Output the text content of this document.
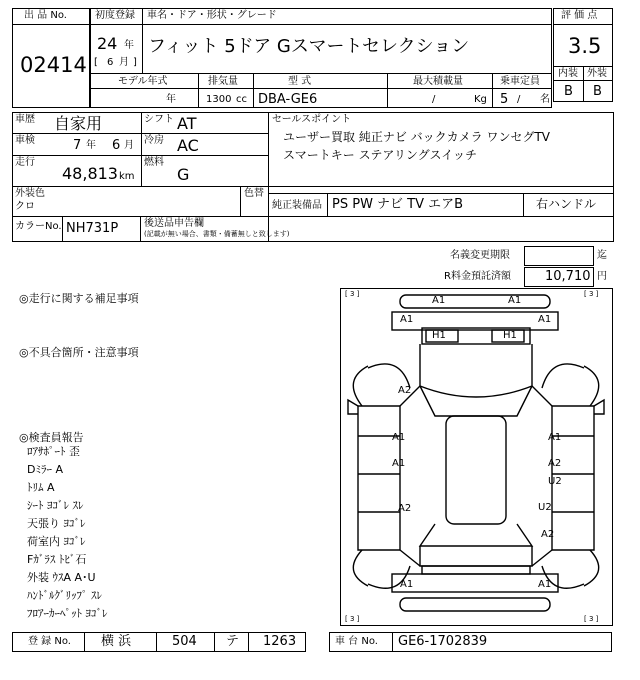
出 品 No.
02414
初度登録 車名・ドア・形状・グレード
24 年
[ 6 月 ]
フィット 5ドア Gスマートセレクション
モデル年式	排気量	型 式	最大積載量	乗車定員
年	1300 cc DBA-GE6	/	Kg 5 / 名
評 価 点
3.5
内装 外装
B B
車歴 自家用	シフト AT
車検	7 年 6 月 冷房 AC
走行
48,813 km
燃料
G
セールスポイント
ユーザー買取 純正ナビ バックカメラ ワンセグTV
スマートキー ステアリングスイッチ
外装色
クロ
色替
純正装備品 PS PW ナビ TV エアB	右ハンドル
カラーNo. NH731P	後送品申告欄
(記載が無い場合、書類・備蓄無しと致します)
名義変更期限	迄
R料金預託済額	10,710 円
◎走行に関する補足事項
◎不具合箇所・注意事項
◎検査員報告
ﾛｱｻﾎﾟｰﾄ 歪
Dﾐﾗｰ A
ﾄﾘﾑ A
ｼｰﾄ ﾖｺﾞﾚ ｽﾚ
天張り ﾖｺﾞﾚ
荷室内 ﾖｺﾞﾚ
Fｶﾞﾗｽ ﾄﾋﾞ石
外装 ｳｽA A･U
ﾊﾝﾄﾞﾙｸﾞﾘｯﾌﾟ ｽﾚ
ﾌﾛｱｰｶｰﾍﾟｯﾄ ﾖｺﾞﾚ
[ 3 ]	[ 3 ]
A1	A1
A1	A1
H1	H1
A2
A1
A1
A2
A1
A2
U2
U2
A2
A1	A1
[ 3 ]	[ 3 ]
登 録 No. 横 浜	504 テ 1263	車 台 No. GE6-1702839
